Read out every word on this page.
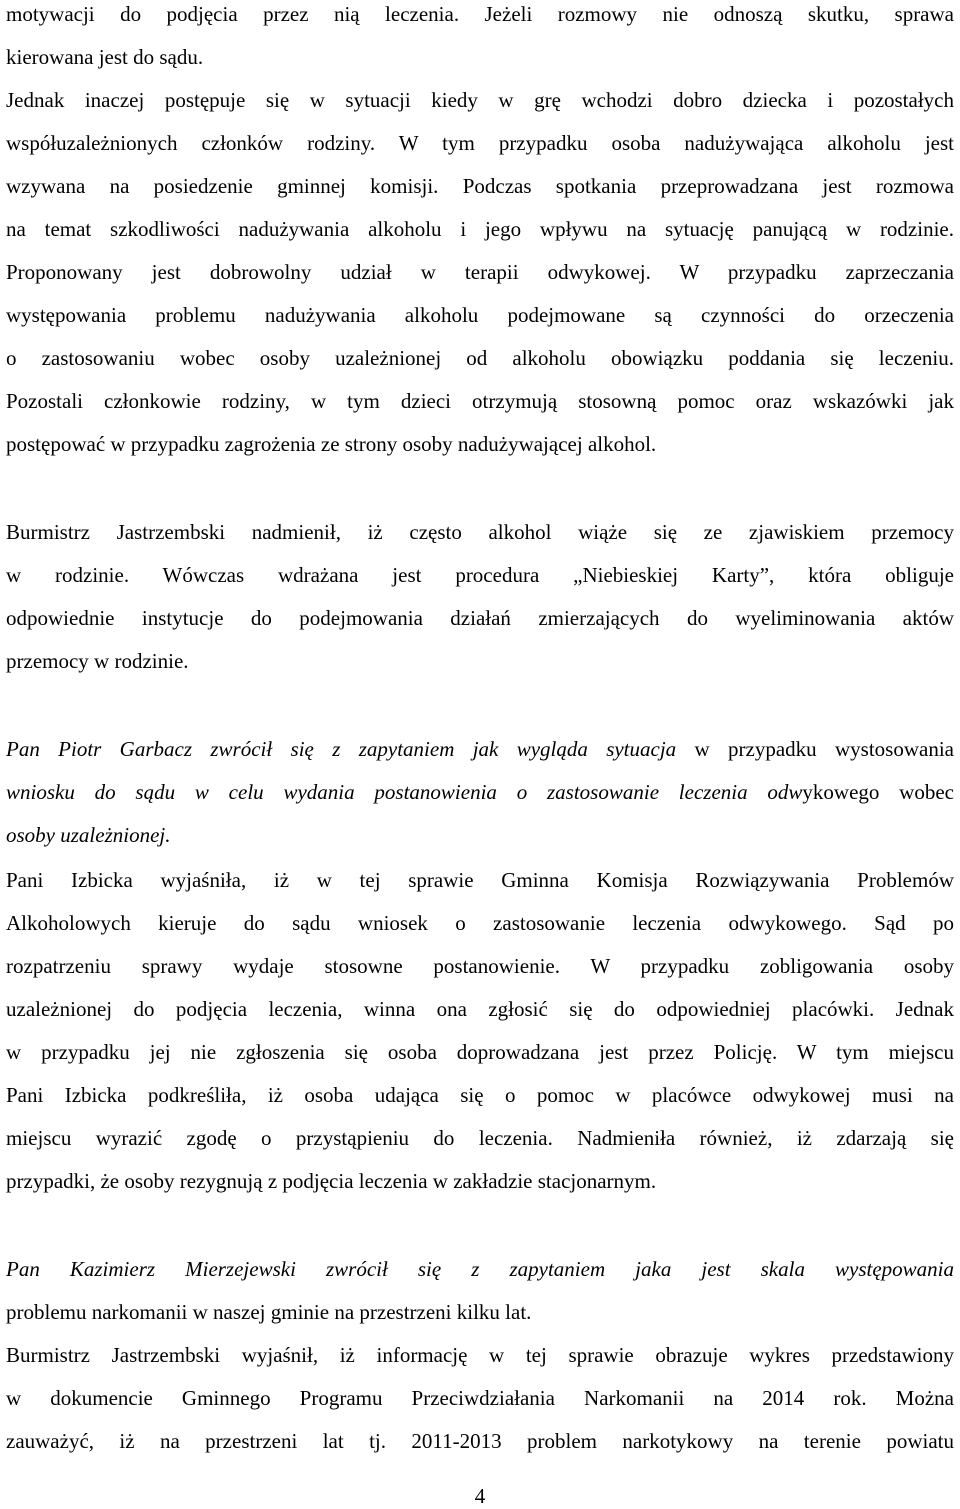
motywacji do podjęcia przez nią leczenia. Jeżeli rozmowy nie odnoszą skutku, sprawa
kierowana jest do sądu.
Jednak inaczej postępuje się w sytuacji kiedy w grę wchodzi dobro dziecka i pozostałych
współuzależnionych członków rodziny. W tym przypadku osoba nadużywająca alkoholu jest
wzywana na posiedzenie gminnej komisji. Podczas spotkania przeprowadzana jest rozmowa
na temat szkodliwości nadużywania alkoholu i jego wpływu na sytuację panującą w rodzinie.
Proponowany jest dobrowolny udział w terapii odwykowej. W przypadku zaprzeczania
występowania problemu nadużywania alkoholu podejmowane są czynności do orzeczenia
o zastosowaniu wobec osoby uzależnionej od alkoholu obowiązku poddania się leczeniu.
Pozostali członkowie rodziny, w tym dzieci otrzymują stosowną pomoc oraz wskazówki jak
postępować w przypadku zagrożenia ze strony osoby nadużywającej alkohol.
Burmistrz Jastrzembski nadmienił, iż często alkohol wiąże się ze zjawiskiem przemocy
w rodzinie. Wówczas wdrażana jest procedura „Niebieskiej Karty”, która obliguje
odpowiednie instytucje do podejmowania działań zmierzających do wyeliminowania aktów
przemocy w rodzinie.
Pan Piotr Garbacz zwrócił się z zapytaniem jak wygląda sytuacja w przypadku wystosowania
wniosku do sądu w celu wydania postanowienia o zastosowanie leczenia odwykowego wobec
osoby uzależnionej.
Pani Izbicka wyjaśniła, iż w tej sprawie Gminna Komisja Rozwiązywania Problemów
Alkoholowych kieruje do sądu wniosek o zastosowanie leczenia odwykowego. Sąd po
rozpatrzeniu sprawy wydaje stosowne postanowienie. W przypadku zobligowania osoby
uzależnionej do podjęcia leczenia, winna ona zgłosić się do odpowiedniej placówki. Jednak
w przypadku jej nie zgłoszenia się osoba doprowadzana jest przez Policję. W tym miejscu
Pani Izbicka podkreśliła, iż osoba udająca się o pomoc w placówce odwykowej musi na
miejscu wyrazić zgodę o przystąpieniu do leczenia. Nadmieniła również, iż zdarzają się
przypadki, że osoby rezygnują z podjęcia leczenia w zakładzie stacjonarnym.
Pan Kazimierz Mierzejewski zwrócił się z zapytaniem jaka jest skala występowania
problemu narkomanii w naszej gminie na przestrzeni kilku lat.
Burmistrz Jastrzembski wyjaśnił, iż informację w tej sprawie obrazuje wykres przedstawiony
w dokumencie Gminnego Programu Przeciwdziałania Narkomanii na 2014 rok. Można
zauważyć, iż na przestrzeni lat tj. 2011-2013 problem narkotykowy na terenie powiatu
4
